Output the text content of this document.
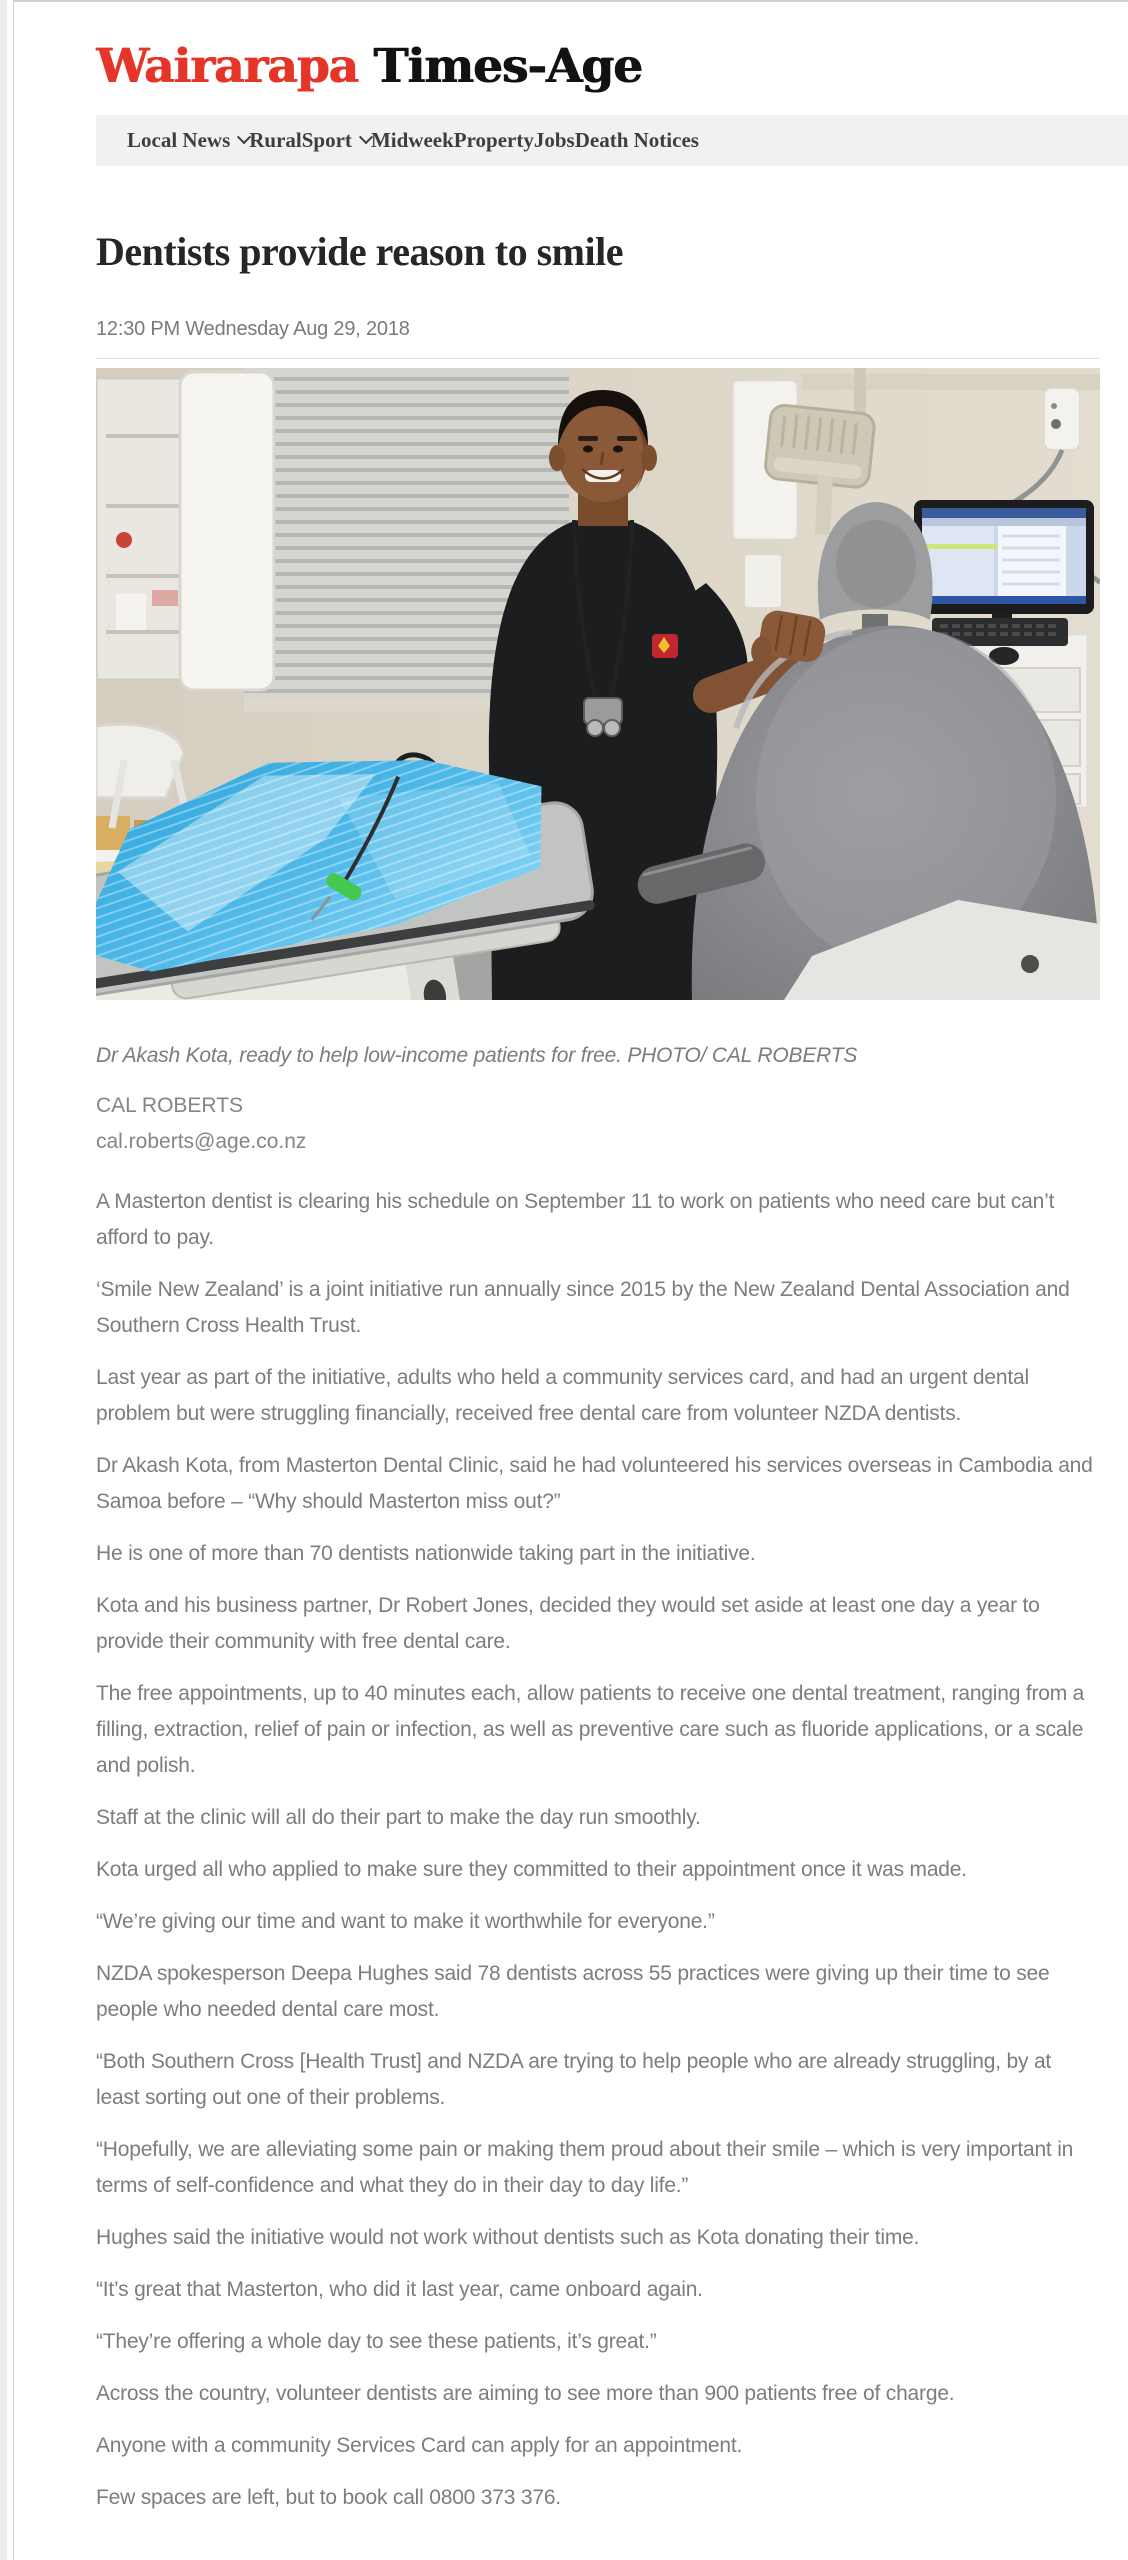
Wairarapa Times-Age
Local News Rural Sport Midweek Property Jobs Death Notices
Dentists provide reason to smile
12:30 PM Wednesday Aug 29, 2018
Dr Akash Kota, ready to help low-income patients for free. PHOTO/ CAL ROBERTS
CAL ROBERTS
cal.roberts@age.co.nz

A Masterton dentist is clearing his schedule on September 11 to work on patients who need care but can’t afford to pay.

‘Smile New Zealand’ is a joint initiative run annually since 2015 by the New Zealand Dental Association and Southern Cross Health Trust.

Last year as part of the initiative, adults who held a community services card, and had an urgent dental problem but were struggling financially, received free dental care from volunteer NZDA dentists.

Dr Akash Kota, from Masterton Dental Clinic, said he had volunteered his services overseas in Cambodia and Samoa before – “Why should Masterton miss out?”

He is one of more than 70 dentists nationwide taking part in the initiative.

Kota and his business partner, Dr Robert Jones, decided they would set aside at least one day a year to provide their community with free dental care.

The free appointments, up to 40 minutes each, allow patients to receive one dental treatment, ranging from a filling, extraction, relief of pain or infection, as well as preventive care such as fluoride applications, or a scale and polish.

Staff at the clinic will all do their part to make the day run smoothly.

Kota urged all who applied to make sure they committed to their appointment once it was made.

“We’re giving our time and want to make it worthwhile for everyone.”

NZDA spokesperson Deepa Hughes said 78 dentists across 55 practices were giving up their time to see people who needed dental care most.

“Both Southern Cross [Health Trust] and NZDA are trying to help people who are already struggling, by at least sorting out one of their problems.

“Hopefully, we are alleviating some pain or making them proud about their smile – which is very important in terms of self-confidence and what they do in their day to day life.”

Hughes said the initiative would not work without dentists such as Kota donating their time.

“It’s great that Masterton, who did it last year, came onboard again.

“They’re offering a whole day to see these patients, it’s great.”

Across the country, volunteer dentists are aiming to see more than 900 patients free of charge.

Anyone with a community Services Card can apply for an appointment.

Few spaces are left, but to book call 0800 373 376.
